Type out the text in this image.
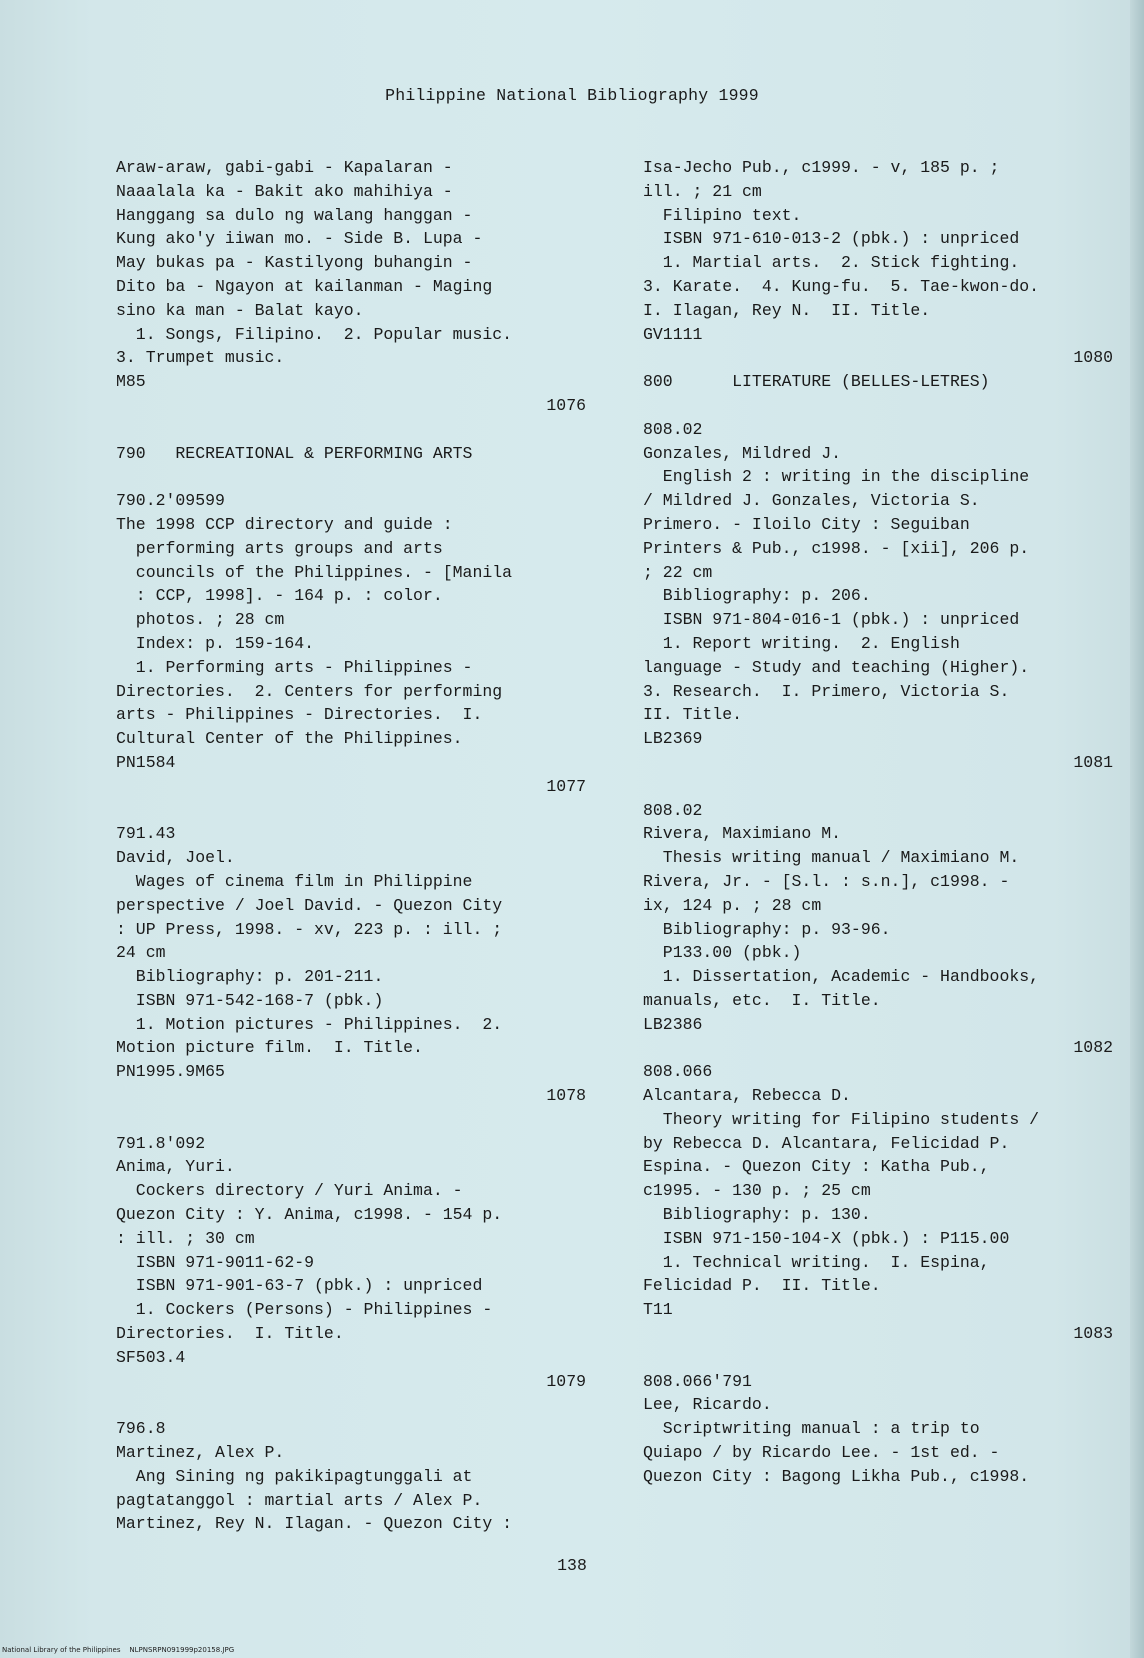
Philippine National Bibliography 1999
Araw-araw, gabi-gabi - Kapalaran -
Naaalala ka - Bakit ako mahihiya -
Hanggang sa dulo ng walang hanggan -
Kung ako'y iiwan mo. - Side B. Lupa -
May bukas pa - Kastilyong buhangin -
Dito ba - Ngayon at kailanman - Maging
sino ka man - Balat kayo.
1. Songs, Filipino.  2. Popular music.
3. Trumpet music.
M85
1076
790   RECREATIONAL & PERFORMING ARTS
790.2'09599
The 1998 CCP directory and guide :
performing arts groups and arts
councils of the Philippines. - [Manila
: CCP, 1998]. - 164 p. : color.
photos. ; 28 cm
Index: p. 159-164.
1. Performing arts - Philippines -
Directories.  2. Centers for performing
arts - Philippines - Directories.  I.
Cultural Center of the Philippines.
PN1584
1077
791.43
David, Joel.
Wages of cinema film in Philippine
perspective / Joel David. - Quezon City
: UP Press, 1998. - xv, 223 p. : ill. ;
24 cm
Bibliography: p. 201-211.
ISBN 971-542-168-7 (pbk.)
1. Motion pictures - Philippines.  2.
Motion picture film.  I. Title.
PN1995.9M65
1078
791.8'092
Anima, Yuri.
Cockers directory / Yuri Anima. -
Quezon City : Y. Anima, c1998. - 154 p.
: ill. ; 30 cm
ISBN 971-9011-62-9
ISBN 971-901-63-7 (pbk.) : unpriced
1. Cockers (Persons) - Philippines -
Directories.  I. Title.
SF503.4
1079
796.8
Martinez, Alex P.
Ang Sining ng pakikipagtunggali at
pagtatanggol : martial arts / Alex P.
Martinez, Rey N. Ilagan. - Quezon City :
Isa-Jecho Pub., c1999. - v, 185 p. ;
ill. ; 21 cm
Filipino text.
ISBN 971-610-013-2 (pbk.) : unpriced
1. Martial arts.  2. Stick fighting.
3. Karate.  4. Kung-fu.  5. Tae-kwon-do.
I. Ilagan, Rey N.  II. Title.
GV1111
1080
800      LITERATURE (BELLES-LETRES)
808.02
Gonzales, Mildred J.
English 2 : writing in the discipline
/ Mildred J. Gonzales, Victoria S.
Primero. - Iloilo City : Seguiban
Printers & Pub., c1998. - [xii], 206 p.
; 22 cm
Bibliography: p. 206.
ISBN 971-804-016-1 (pbk.) : unpriced
1. Report writing.  2. English
language - Study and teaching (Higher).
3. Research.  I. Primero, Victoria S.
II. Title.
LB2369
1081
808.02
Rivera, Maximiano M.
Thesis writing manual / Maximiano M.
Rivera, Jr. - [S.l. : s.n.], c1998. -
ix, 124 p. ; 28 cm
Bibliography: p. 93-96.
P133.00 (pbk.)
1. Dissertation, Academic - Handbooks,
manuals, etc.  I. Title.
LB2386
1082
808.066
Alcantara, Rebecca D.
Theory writing for Filipino students /
by Rebecca D. Alcantara, Felicidad P.
Espina. - Quezon City : Katha Pub.,
c1995. - 130 p. ; 25 cm
Bibliography: p. 130.
ISBN 971-150-104-X (pbk.) : P115.00
1. Technical writing.  I. Espina,
Felicidad P.  II. Title.
T11
1083
808.066'791
Lee, Ricardo.
Scriptwriting manual : a trip to
Quiapo / by Ricardo Lee. - 1st ed. -
Quezon City : Bagong Likha Pub., c1998.
138
National Library of the Philippines NLPNSRPN091999p20158.JPG
